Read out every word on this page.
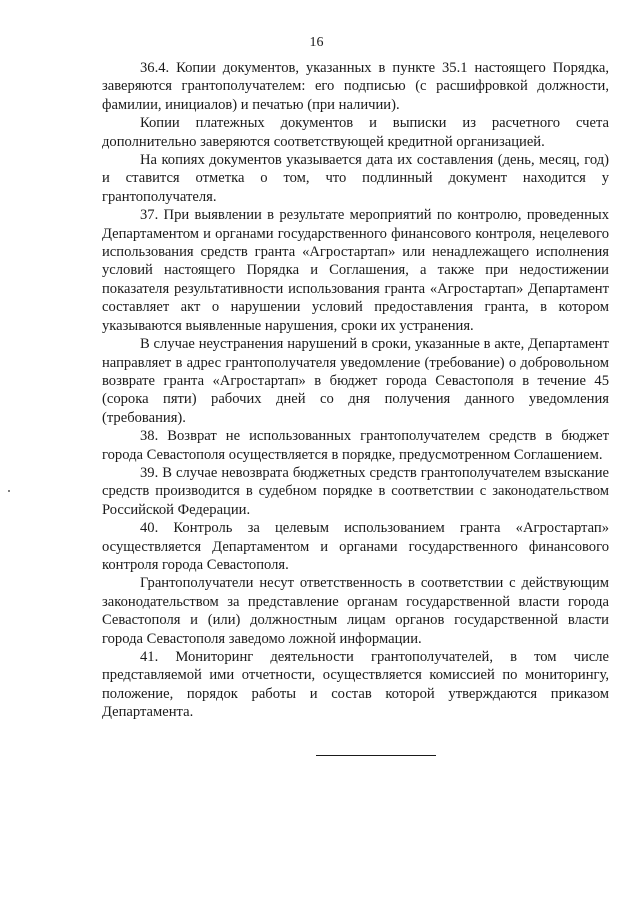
16

36.4. Копии документов, указанных в пункте 35.1 настоящего Порядка, заверяются грантополучателем: его подписью (с расшифровкой должности, фамилии, инициалов) и печатью (при наличии).

Копии платежных документов и выписки из расчетного счета дополнительно заверяются соответствующей кредитной организацией.

На копиях документов указывается дата их составления (день, месяц, год) и ставится отметка о том, что подлинный документ находится у грантополучателя.

37. При выявлении в результате мероприятий по контролю, проведенных Департаментом и органами государственного финансового контроля, нецелевого использования средств гранта «Агростартап» или ненадлежащего исполнения условий настоящего Порядка и Соглашения, а также при недостижении показателя результативности использования гранта «Агростартап» Департамент составляет акт о нарушении условий предоставления гранта, в котором указываются выявленные нарушения, сроки их устранения.

В случае неустранения нарушений в сроки, указанные в акте, Департамент направляет в адрес грантополучателя уведомление (требование) о добровольном возврате гранта «Агростартап» в бюджет города Севастополя в течение 45 (сорока пяти) рабочих дней со дня получения данного уведомления (требования).

38. Возврат не использованных грантополучателем средств в бюджет города Севастополя осуществляется в порядке, предусмотренном Соглашением.

39. В случае невозврата бюджетных средств грантополучателем взыскание средств производится в судебном порядке в соответствии с законодательством Российской Федерации.

40. Контроль за целевым использованием гранта «Агростартап» осуществляется Департаментом и органами государственного финансового контроля города Севастополя.

Грантополучатели несут ответственность в соответствии с действующим законодательством за представление органам государственной власти города Севастополя и (или) должностным лицам органов государственной власти города Севастополя заведомо ложной информации.

41. Мониторинг деятельности грантополучателей, в том числе представляемой ими отчетности, осуществляется комиссией по мониторингу, положение, порядок работы и состав которой утверждаются приказом Департамента.
